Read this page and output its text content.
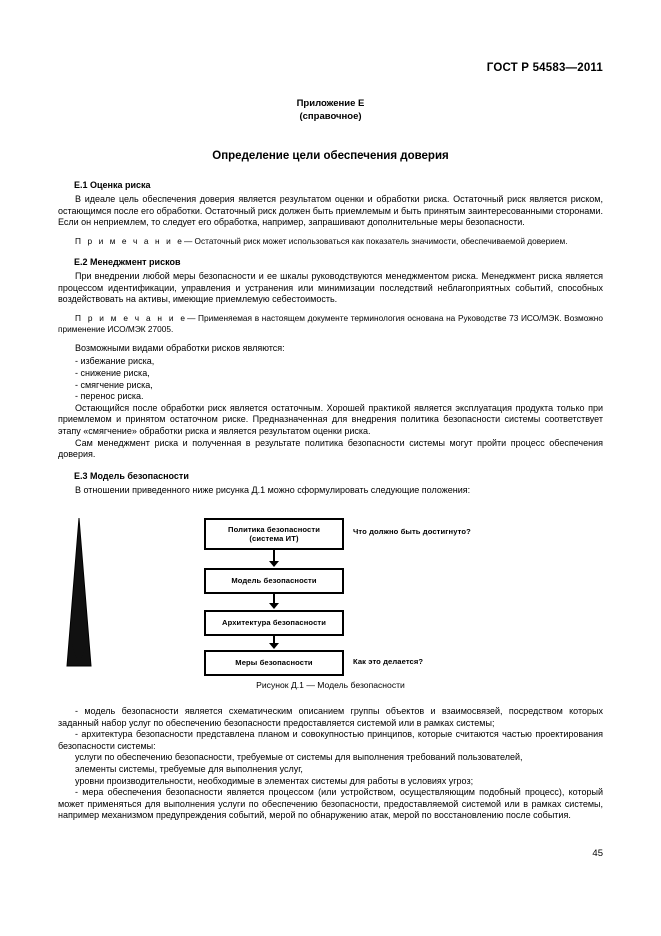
ГОСТ Р 54583—2011
Приложение Е
(справочное)
Определение цели обеспечения доверия
Е.1 Оценка риска

В идеале цель обеспечения доверия является результатом оценки и обработки риска. Остаточный риск является риском, остающимся после его обработки. Остаточный риск должен быть приемлемым и быть принятым заинтересованными сторонами. Если он неприемлем, то следует его обработка, например, запрашивают дополнительные меры безопасности.

П р и м е ч а н и е— Остаточный риск может использоваться как показатель значимости, обеспечиваемой доверием.

Е.2 Менеджмент рисков

При внедрении любой меры безопасности и ее шкалы руководствуются менеджментом риска. Менеджмент риска является процессом идентификации, управления и устранения или минимизации последствий неблагоприятных событий, способных воздействовать на активы, имеющие приемлемую себестоимость.

П р и м е ч а н и е— Применяемая в настоящем документе терминология основана на Руководстве 73 ИСО/МЭК. Возможно применение ИСО/МЭК 27005.

Возможными видами обработки рисков являются:

- избежание риска,
- снижение риска,
- смягчение риска,
- перенос риска.

Остающийся после обработки риск является остаточным. Хорошей практикой является эксплуатация продукта только при приемлемом и принятом остаточном риске. Предназначенная для внедрения политика безопасности системы соответствует этапу «смягчение» обработки риска и является результатом оценки риска.

Сам менеджмент риска и полученная в результате политика безопасности системы могут пройти процесс обеспечения доверия.

Е.3 Модель безопасности

В отношении приведенного ниже рисунка Д.1 можно сформулировать следующие положения:

Детализация
Политика безопасности
(система ИТ)
Модель безопасности
Архитектура безопасности
Меры безопасности
Что должно быть достигнуто?
Как это делается?
Рисунок Д.1 — Модель безопасности

- модель безопасности является схематическим описанием группы объектов и взаимосвязей, посредством которых заданный набор услуг по обеспечению безопасности предоставляется системой или в рамках системы;

- архитектура безопасности представлена планом и совокупностью принципов, которые считаются частью проектирования безопасности системы:

услуги по обеспечению безопасности, требуемые от системы для выполнения требований пользователей,

элементы системы, требуемые для выполнения услуг,

уровни производительности, необходимые в элементах системы для работы в условиях угроз;

- мера обеспечения безопасности является процессом (или устройством, осуществляющим подобный процесс), который может применяться для выполнения услуги по обеспечению безопасности, предоставляемой системой или в рамках системы, например механизмом предупреждения событий, мерой по обнаружению атак, мерой по восстановлению после события.

45
